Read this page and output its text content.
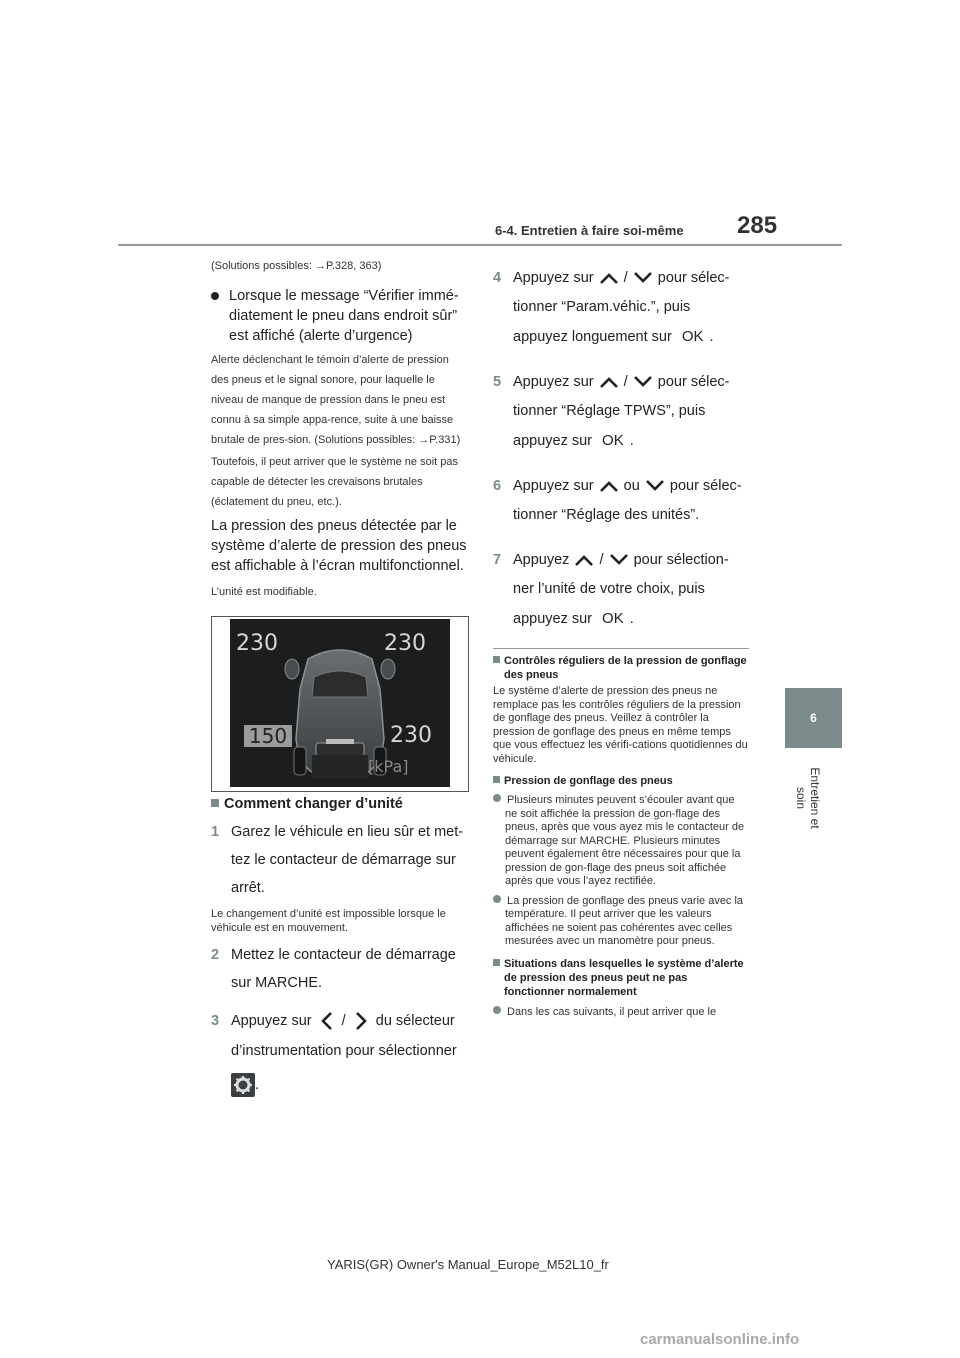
6-4. Entretien à faire soi-même 285
6
Entretien et soin
(Solutions possibles: →P.328, 363)
Lorsque le message “Vérifier immé-diatement le pneu dans endroit sûr” est affiché (alerte d’urgence)
Alerte déclenchant le témoin d’alerte de pression des pneus et le signal sonore, pour laquelle le niveau de manque de pression dans le pneu est connu à sa simple appa-rence, suite à une baisse brutale de pres-sion. (Solutions possibles: →P.331)
Toutefois, il peut arriver que le système ne soit pas capable de détecter les crevaisons brutales (éclatement du pneu, etc.).
La pression des pneus détectée par le système d’alerte de pression des pneus est affichable à l’écran multifonctionnel.
L’unité est modifiable.
230	230
150	230
[kPa]
Comment changer d’unité
1 Garez le véhicule en lieu sûr et met-tez le contacteur de démarrage sur arrêt.
Le changement d’unité est impossible lorsque le véhicule est en mouvement.
2 Mettez le contacteur de démarrage sur MARCHE.
3 Appuyez sur / du sélecteur
d’instrumentation pour sélectionner
.
4 Appuyez sur / pour sélec-
tionner “Param.véhic.”, puis
appuyez longuement sur OK .
5 Appuyez sur / pour sélec-
tionner “Réglage TPWS”, puis
appuyez sur OK .
6 Appuyez sur ou pour sélec-
tionner “Réglage des unités”.
7 Appuyez / pour sélection-
ner l’unité de votre choix, puis
appuyez sur OK .
Contrôles réguliers de la pression de gonflage des pneus
Le système d’alerte de pression des pneus ne remplace pas les contrôles réguliers de la pression de gonflage des pneus. Veillez à contrôler la pression de gonflage des pneus en même temps que vous effectuez les vérifi-cations quotidiennes du véhicule.
Pression de gonflage des pneus
Plusieurs minutes peuvent s’écouler avant que ne soit affichée la pression de gon-flage des pneus, après que vous ayez mis le contacteur de démarrage sur MARCHE. Plusieurs minutes peuvent également être nécessaires pour que la pression de gon-flage des pneus soit affichée après que vous l’ayez rectifiée.
La pression de gonflage des pneus varie avec la température. Il peut arriver que les valeurs affichées ne soient pas cohérentes avec celles mesurées avec un manomètre pour pneus.
Situations dans lesquelles le système d’alerte de pression des pneus peut ne pas fonctionner normalement
Dans les cas suivants, il peut arriver que le
YARIS(GR) Owner's Manual_Europe_M52L10_fr
carmanualsonline.info
